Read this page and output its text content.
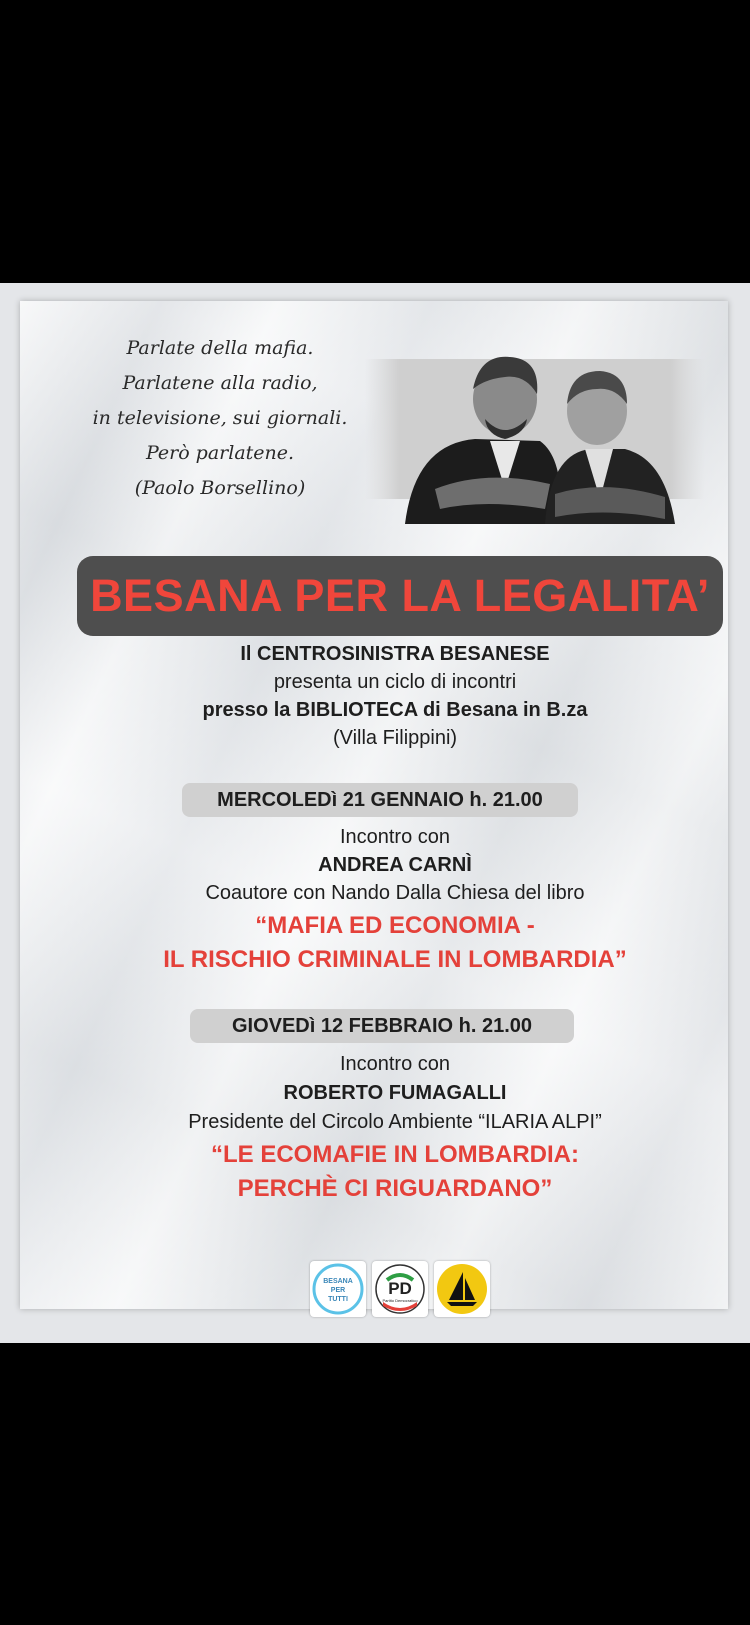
Parlate della mafia.
Parlatene alla radio,
in televisione, sui giornali.
Però parlatene.
(Paolo Borsellino)
BESANA PER LA LEGALITA’
Il CENTROSINISTRA BESANESE
presenta un ciclo di incontri
presso la BIBLIOTECA di Besana in B.za
(Villa Filippini)
MERCOLEDì 21 GENNAIO h. 21.00
Incontro con
ANDREA CARNÌ
Coautore con Nando Dalla Chiesa del libro
“MAFIA ED ECONOMIA -
IL RISCHIO CRIMINALE IN LOMBARDIA”
GIOVEDì 12 FEBBRAIO h. 21.00
Incontro con
ROBERTO FUMAGALLI
Presidente del Circolo Ambiente “ILARIA ALPI”
“LE ECOMAFIE IN LOMBARDIA:
PERCHÈ CI RIGUARDANO”
BESANA
PER
TUTTI
PD
Partito Democratico
